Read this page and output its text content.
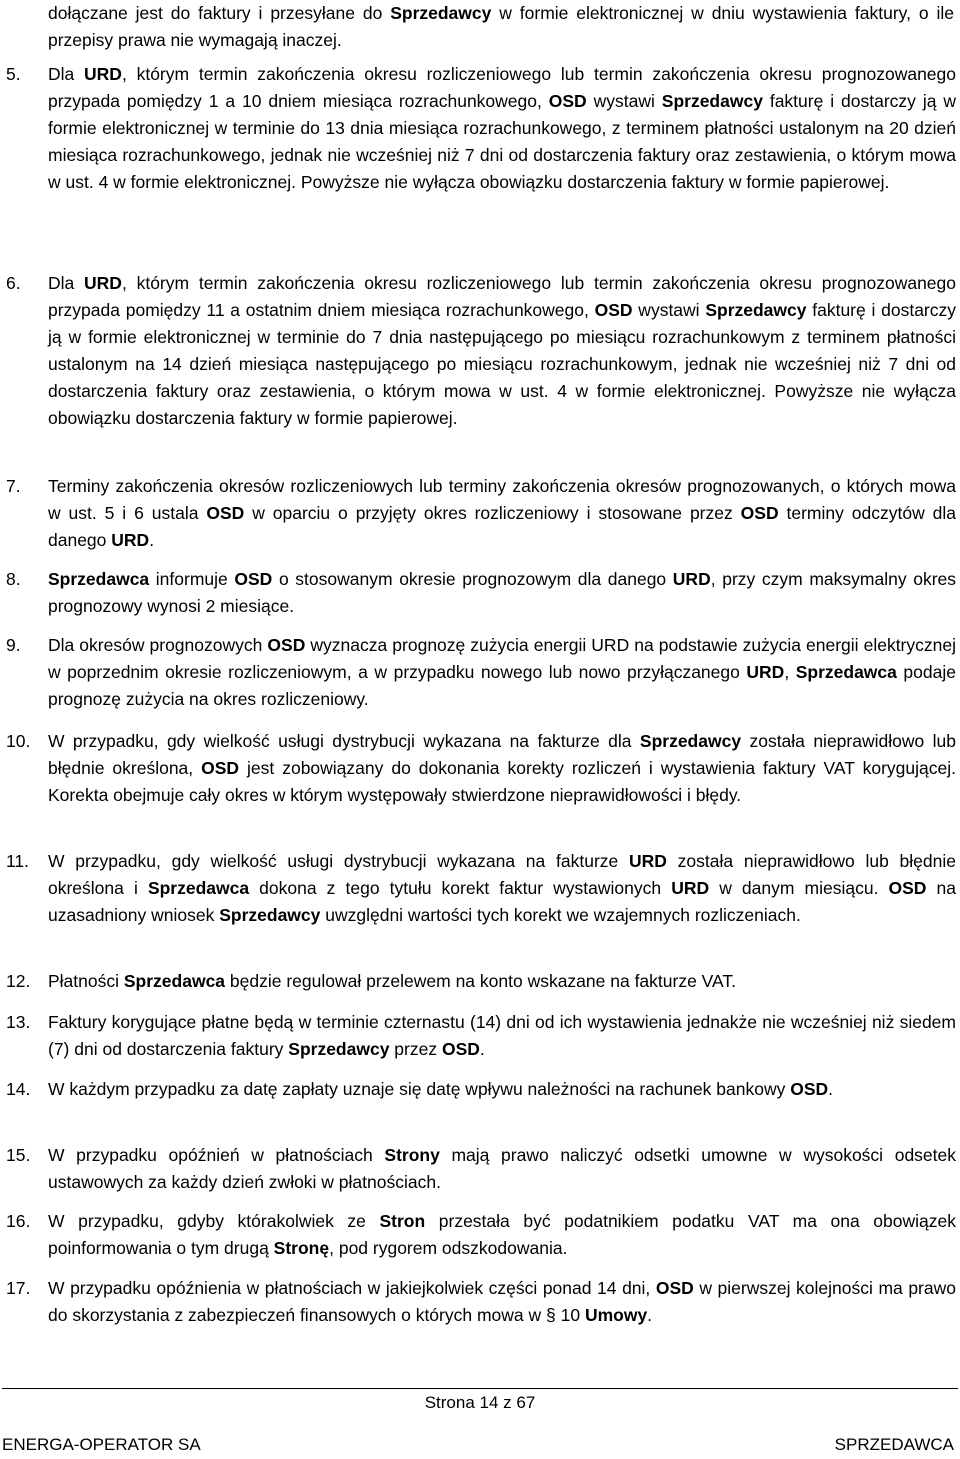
dołączane jest do faktury i przesyłane do Sprzedawcy w formie elektronicznej w dniu wystawienia faktury, o ile przepisy prawa nie wymagają inaczej.
5.	Dla URD, którym termin zakończenia okresu rozliczeniowego lub termin zakończenia okresu prognozowanego przypada pomiędzy 1 a 10 dniem miesiąca rozrachunkowego, OSD wystawi Sprzedawcy fakturę i dostarczy ją w formie elektronicznej w terminie do 13 dnia miesiąca rozrachunkowego, z terminem płatności ustalonym na 20 dzień miesiąca rozrachunkowego, jednak nie wcześniej niż 7 dni od dostarczenia faktury oraz zestawienia, o którym mowa w ust. 4 w formie elektronicznej. Powyższe nie wyłącza obowiązku dostarczenia faktury w formie papierowej.
6.	Dla URD, którym termin zakończenia okresu rozliczeniowego lub termin zakończenia okresu prognozowanego przypada pomiędzy 11 a ostatnim dniem miesiąca rozrachunkowego, OSD wystawi Sprzedawcy fakturę i dostarczy ją w formie elektronicznej w terminie do 7 dnia następującego po miesiącu rozrachunkowym z terminem płatności ustalonym na 14 dzień miesiąca następującego po miesiącu rozrachunkowym, jednak nie wcześniej niż 7 dni od dostarczenia faktury oraz zestawienia, o którym mowa w ust. 4 w formie elektronicznej. Powyższe nie wyłącza obowiązku dostarczenia faktury w formie papierowej.
7.	Terminy zakończenia okresów rozliczeniowych lub terminy zakończenia okresów prognozowanych, o których mowa w ust. 5 i 6 ustala OSD w oparciu o przyjęty okres rozliczeniowy i stosowane przez OSD terminy odczytów dla danego URD.
8.	Sprzedawca informuje OSD o stosowanym okresie prognozowym dla danego URD, przy czym maksymalny okres prognozowy wynosi 2 miesiące.
9.	Dla okresów prognozowych OSD wyznacza prognozę zużycia energii URD na podstawie zużycia energii elektrycznej w poprzednim okresie rozliczeniowym, a w przypadku nowego lub nowo przyłączanego URD, Sprzedawca podaje prognozę zużycia na okres rozliczeniowy.
10.	W przypadku, gdy wielkość usługi dystrybucji wykazana na fakturze dla Sprzedawcy została nieprawidłowo lub błędnie określona, OSD jest zobowiązany do dokonania korekty rozliczeń i wystawienia faktury VAT korygującej. Korekta obejmuje cały okres w którym występowały stwierdzone nieprawidłowości i błędy.
11.	W przypadku, gdy wielkość usługi dystrybucji wykazana na fakturze URD została nieprawidłowo lub błędnie określona i Sprzedawca dokona z tego tytułu korekt faktur wystawionych URD w danym miesiącu. OSD na uzasadniony wniosek Sprzedawcy uwzględni wartości tych korekt we wzajemnych rozliczeniach.
12.	Płatności Sprzedawca będzie regulował przelewem na konto wskazane na fakturze VAT.
13.	Faktury korygujące płatne będą w terminie czternastu (14) dni od ich wystawienia jednakże nie wcześniej niż siedem (7) dni od dostarczenia faktury Sprzedawcy przez OSD.
14.	W każdym przypadku za datę zapłaty uznaje się datę wpływu należności na rachunek bankowy OSD.
15.	W przypadku opóźnień w płatnościach Strony mają prawo naliczyć odsetki umowne w wysokości odsetek ustawowych za każdy dzień zwłoki w płatnościach.
16.	W przypadku, gdyby którakolwiek ze Stron przestała być podatnikiem podatku VAT ma ona obowiązek poinformowania o tym drugą Stronę, pod rygorem odszkodowania.
17.	W przypadku opóźnienia w płatnościach w jakiejkolwiek części ponad 14 dni, OSD w pierwszej kolejności ma prawo do skorzystania z zabezpieczeń finansowych o których mowa w § 10 Umowy.
Strona 14 z 67
ENERGA-OPERATOR SA	SPRZEDAWCA
